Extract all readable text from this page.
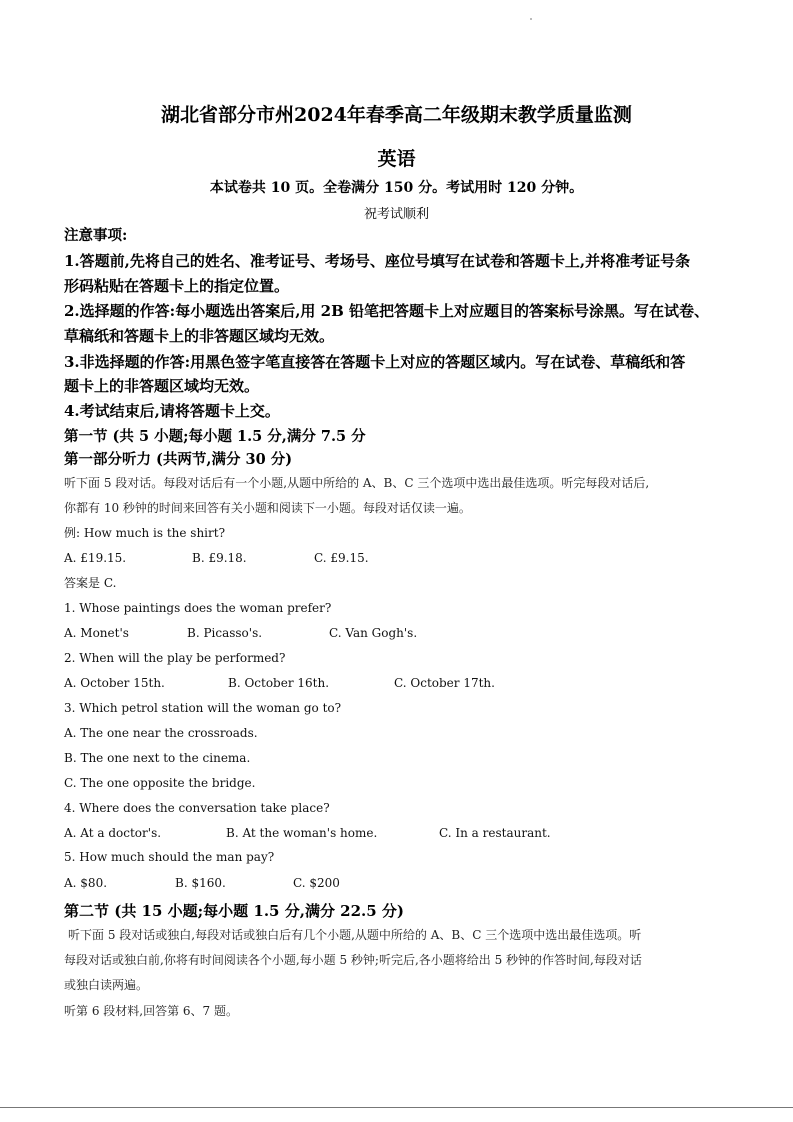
湖北省部分市州2024年春季高二年级期末教学质量监测
英语
本试卷共 10 页。全卷满分 150 分。考试用时 120 分钟。
祝考试顺利
注意事项:
1.答题前,先将自己的姓名、准考证号、考场号、座位号填写在试卷和答题卡上,并将准考证号条
形码粘贴在答题卡上的指定位置。
2.选择题的作答:每小题选出答案后,用 2B 铅笔把答题卡上对应题目的答案标号涂黑。写在试卷、
草稿纸和答题卡上的非答题区域均无效。
3.非选择题的作答:用黑色签字笔直接答在答题卡上对应的答题区域内。写在试卷、草稿纸和答
题卡上的非答题区域均无效。
4.考试结束后,请将答题卡上交。
第一节 (共 5 小题;每小题 1.5 分,满分 7.5 分
第一部分听力 (共两节,满分 30 分)
听下面 5 段对话。每段对话后有一个小题,从题中所给的 A、B、C 三个选项中选出最佳选项。听完每段对话后,
你都有 10 秒钟的时间来回答有关小题和阅读下一小题。每段对话仅读一遍。
例: How much is the shirt?
A. £19.15.	B. £9.18.	C. £9.15.
答案是 C.
1. Whose paintings does the woman prefer?
A. Monet's	B. Picasso's.	C. Van Gogh's.
2. When will the play be performed?
A. October 15th.	B. October 16th.	C. October 17th.
3. Which petrol station will the woman go to?
A. The one near the crossroads.
B. The one next to the cinema.
C. The one opposite the bridge.
4. Where does the conversation take place?
A. At a doctor's.	B. At the woman's home.	C. In a restaurant.
5. How much should the man pay?
A. $80.	B. $160.	C. $200
第二节 (共 15 小题;每小题 1.5 分,满分 22.5 分)
听下面 5 段对话或独白,每段对话或独白后有几个小题,从题中所给的 A、B、C 三个选项中选出最佳选项。听
每段对话或独白前,你将有时间阅读各个小题,每小题 5 秒钟;听完后,各小题将给出 5 秒钟的作答时间,每段对话
或独白读两遍。
听第 6 段材料,回答第 6、7 题。
